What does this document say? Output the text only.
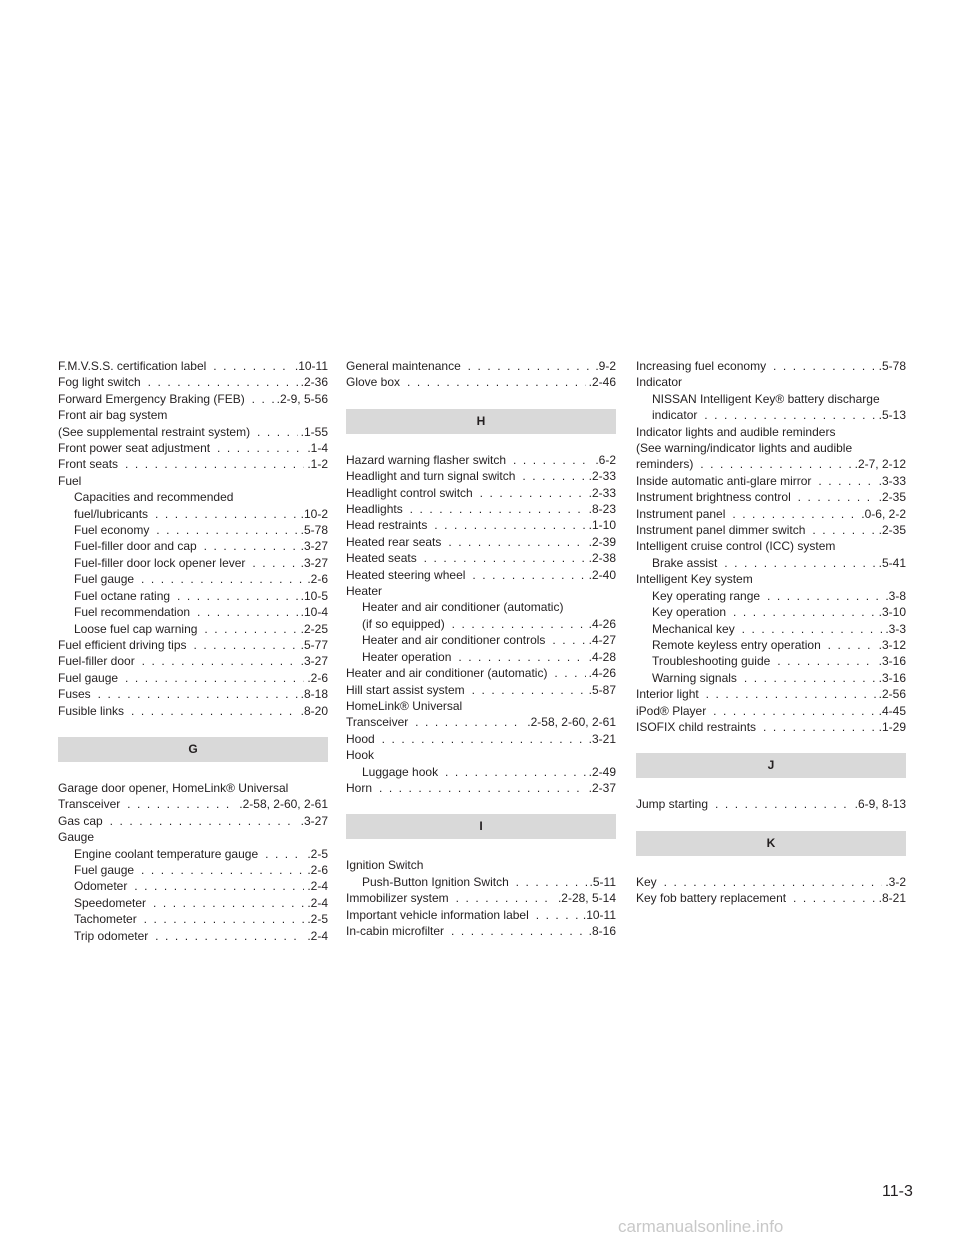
F.M.V.S.S. certification label	.10-11
. . .
Fog light switch	.2-36
. . .
Forward Emergency Braking (FEB)	.2-9, 5-56
. . .
Front air bag system
(See supplemental restraint system)	.1-55
. . .
Front power seat adjustment	.1-4
. . .
Front seats	.1-2
. . .
Fuel
Capacities and recommended
fuel/lubricants	.10-2
. . .
Fuel economy	.5-78
. . .
Fuel-filler door and cap	.3-27
. . .
Fuel-filler door lock opener lever	.3-27
. . .
Fuel gauge	.2-6
. . .
Fuel octane rating	.10-5
. . .
Fuel recommendation	.10-4
. . .
Loose fuel cap warning	.2-25
. . .
Fuel efficient driving tips	.5-77
. . .
Fuel-filler door	.3-27
. . .
Fuel gauge	.2-6
. . .
Fuses	.8-18
. . .
Fusible links	.8-20
. . .
G
Garage door opener, HomeLink® Universal
Transceiver	.2-58, 2-60, 2-61
. . .
Gas cap	.3-27
. . .
Gauge
Engine coolant temperature gauge	.2-5
. . .
Fuel gauge	.2-6
. . .
Odometer	.2-4
. . .
Speedometer	.2-4
. . .
Tachometer	.2-5
. . .
Trip odometer	.2-4
. . .
General maintenance	.9-2
. . .
Glove box	.2-46
. . .
H
Hazard warning flasher switch	.6-2
. . .
Headlight and turn signal switch	.2-33
. . .
Headlight control switch	.2-33
. . .
Headlights	.8-23
. . .
Head restraints	.1-10
. . .
Heated rear seats	.2-39
. . .
Heated seats	.2-38
. . .
Heated steering wheel	.2-40
. . .
Heater
Heater and air conditioner (automatic)
(if so equipped)	.4-26
. . .
Heater and air conditioner controls	.4-27
. . .
Heater operation	.4-28
. . .
Heater and air conditioner (automatic)	.4-26
. . .
Hill start assist system	.5-87
. . .
HomeLink® Universal
Transceiver	.2-58, 2-60, 2-61
. . .
Hood	.3-21
. . .
Hook
Luggage hook	.2-49
. . .
Horn	.2-37
. . .
I
Ignition Switch
Push-Button Ignition Switch	.5-11
. . .
Immobilizer system	.2-28, 5-14
. . .
Important vehicle information label	.10-11
. . .
In-cabin microfilter	.8-16
. . .
Increasing fuel economy	.5-78
. . .
Indicator
NISSAN Intelligent Key® battery discharge
indicator	.5-13
. . .
Indicator lights and audible reminders
(See warning/indicator lights and audible
reminders)	.2-7, 2-12
. . .
Inside automatic anti-glare mirror	.3-33
. . .
Instrument brightness control	.2-35
. . .
Instrument panel	.0-6, 2-2
. . .
Instrument panel dimmer switch	.2-35
. . .
Intelligent cruise control (ICC) system
Brake assist	.5-41
. . .
Intelligent Key system
Key operating range	.3-8
. . .
Key operation	.3-10
. . .
Mechanical key	.3-3
. . .
Remote keyless entry operation	.3-12
. . .
Troubleshooting guide	.3-16
. . .
Warning signals	.3-16
. . .
Interior light	.2-56
. . .
iPod® Player	.4-45
. . .
ISOFIX child restraints	.1-29
. . .
J
Jump starting	.6-9, 8-13
. . .
K
Key	.3-2
. . .
Key fob battery replacement	.8-21
. . .
11-3
carmanualsonline.info
